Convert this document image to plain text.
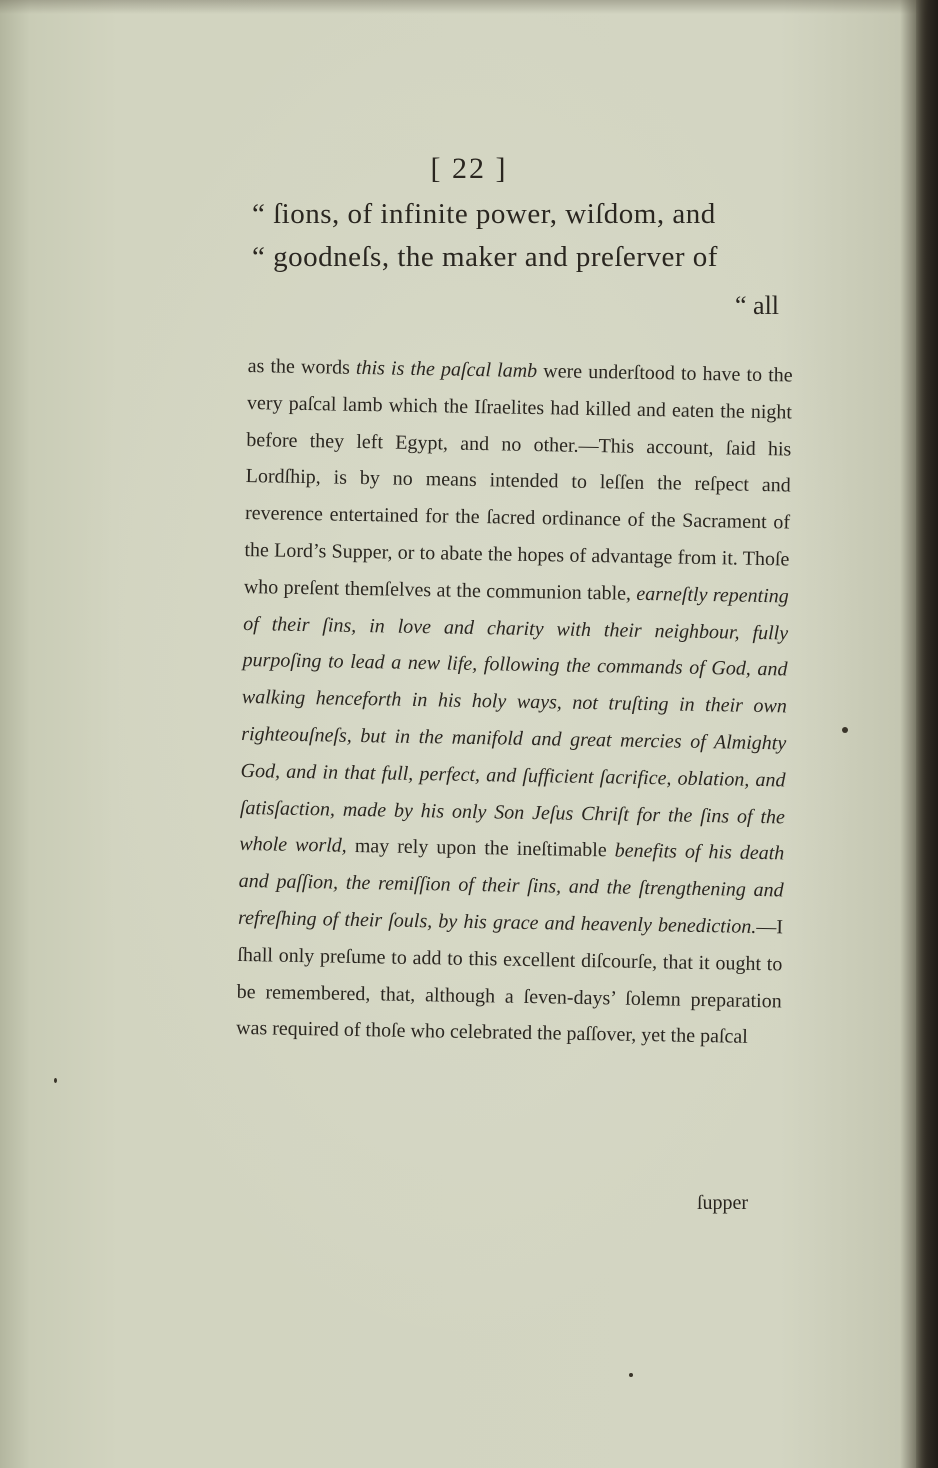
[ 22 ]
“ ſions, of infinite power, wiſdom, and
“ goodneſs, the maker and preſerver of
“ all
as the words this is the paſcal lamb were underſtood to have to the very paſcal lamb which the Iſraelites had killed and eaten the night before they left Egypt, and no other.—This account, ſaid his Lordſhip, is by no means intended to leſſen the reſpect and reverence entertained for the ſacred ordinance of the Sacrament of the Lord’s Supper, or to abate the hopes of advantage from it. Thoſe who preſent themſelves at the communion table, earneſtly repenting of their ſins, in love and charity with their neighbour, fully purpoſing to lead a new life, following the commands of God, and walking henceforth in his holy ways, not truſting in their own righteouſneſs, but in the manifold and great mercies of Almighty God, and in that full, perfect, and ſufficient ſacrifice, oblation, and ſatisſaction, made by his only Son Jeſus Chriſt for the ſins of the whole world, may rely upon the ineſtimable benefits of his death and paſſion, the remiſſion of their ſins, and the ſtrengthening and refreſhing of their ſouls, by his grace and heavenly benediction.—I ſhall only preſume to add to this excellent diſcourſe, that it ought to be remembered, that, although a ſeven-days’ ſolemn preparation was required of thoſe who celebrated the paſſover, yet the paſcal
ſupper
